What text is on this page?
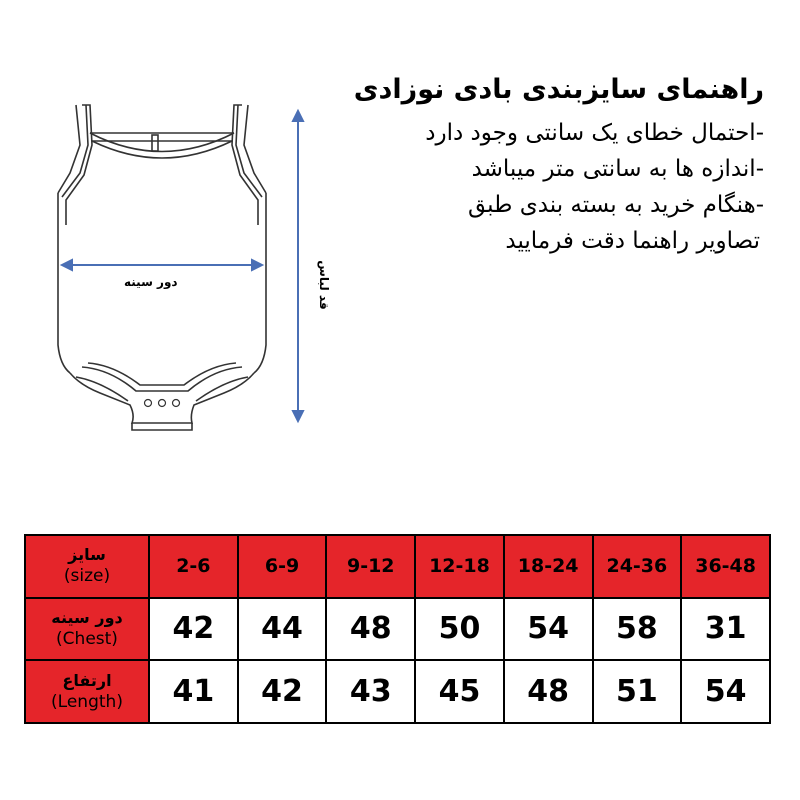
دور سینه	قد لباس
راهنمای سایزبندی بادی نوزادی
-احتمال خطای یک سانتی وجود دارد
-اندازه ها به سانتی متر میباشد
-هنگام خرید به بسته بندی طبق
تصاویر راهنما دقت فرمایید
سایز
(size)	2-6	6-9	9-12	12-18	18-24	24-36	36-48

دور سینه
(Chest)	42	44	48	50	54	58	31

ارتفاع
(Length)	41	42	43	45	48	51	54
